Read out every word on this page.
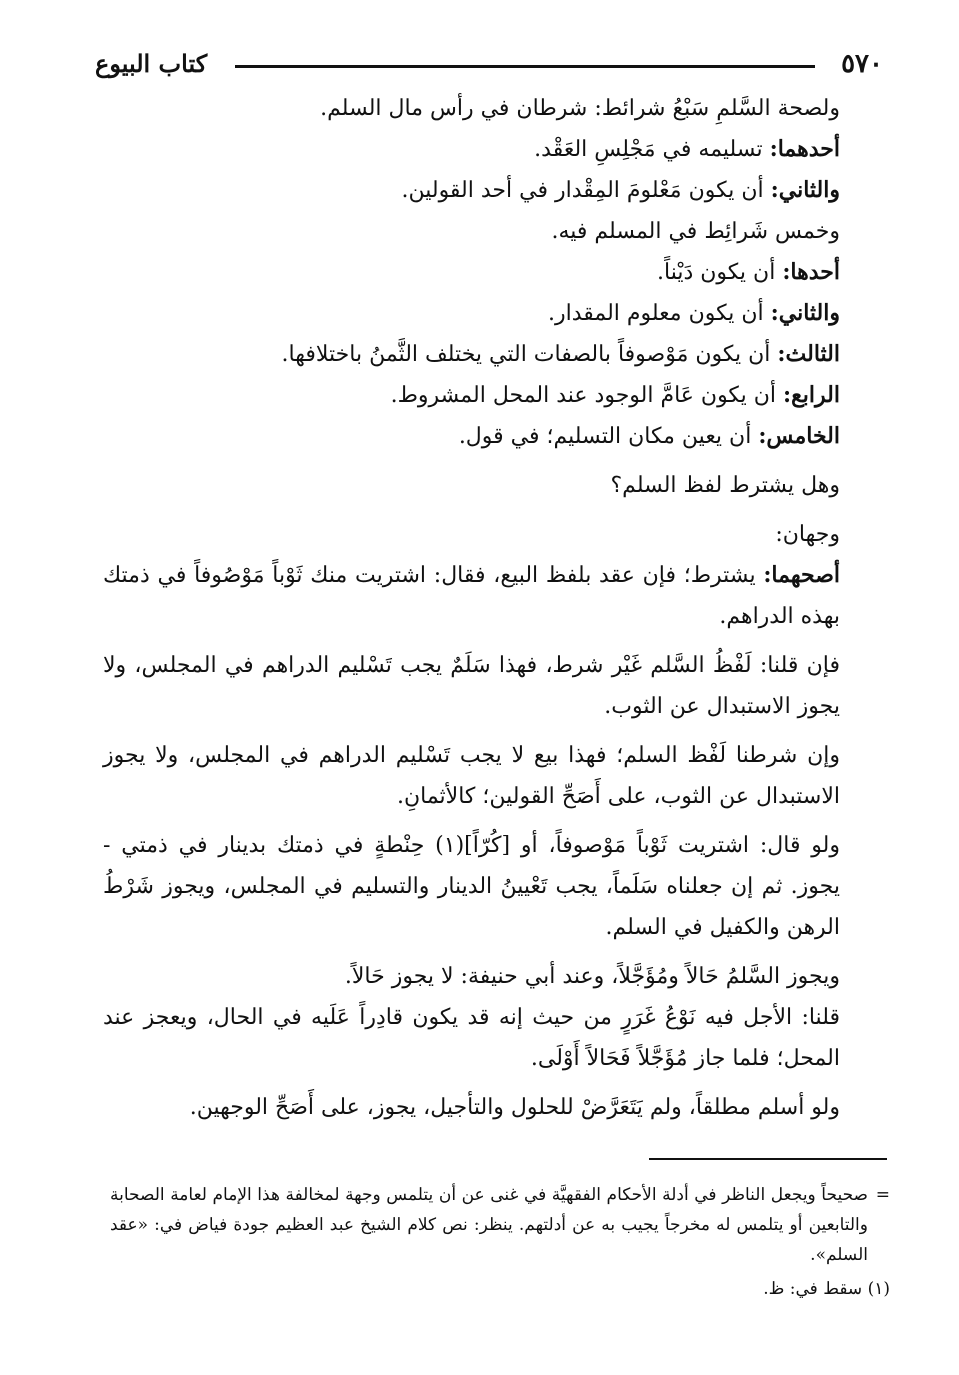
٥٧٠
كتاب البيوع

ولصحة السَّلمِ سَبْعُ شرائط: شرطان في رأس مال السلم.

أحدهما: تسليمه في مَجْلِسِ العَقْد.

والثاني: أن يكون مَعْلومَ المِقْدار في أحد القولين.

وخمس شَرائِط في المسلم فيه.

أحدها: أن يكون دَيْناً.

والثاني: أن يكون معلوم المقدار.

الثالث: أن يكون مَوْصوفاً بالصفات التي يختلف الثَّمنُ باختلافها.

الرابع: أن يكون عَامَّ الوجود عند المحل المشروط.

الخامس: أن يعين مكان التسليم؛ في قول.

وهل يشترط لفظ السلم؟

وجهان:

أصحهما: يشترط؛ فإن عقد بلفظ البيع، فقال: اشتريت منك ثَوْباً مَوْصُوفاً في ذمتك بهذه الدراهم.

فإن قلنا: لَفْظُ السَّلم غَيْر شرط، فهذا سَلَمٌ يجب تَسْليم الدراهم في المجلس، ولا يجوز الاستبدال عن الثوب.

وإن شرطنا لَفْظ السلم؛ فهذا بيع لا يجب تَسْليم الدراهم في المجلس، ولا يجوز الاستبدال عن الثوب، على أَصَحِّ القولين؛ كالأثمانِ.

ولو قال: اشتريت ثَوْباً مَوْصوفاً، أو [كُرّاً](١) حِنْطةٍ في ذمتك بدينار في ذمتي - يجوز. ثم إن جعلناه سَلَماً، يجب تَعْيينُ الدينار والتسليم في المجلس، ويجوز شَرْطُ الرهن والكفيل في السلم.

ويجوز السَّلمُ حَالاً ومُؤَجَّلاً، وعند أبي حنيفة: لا يجوز حَالاً.

قلنا: الأجل فيه نَوْعُ غَرَرٍ من حيث إنه قد يكون قادِراً عَلَيه في الحال، ويعجز عند المحل؛ فلما جاز مُؤَجَّلاً فَحَالاً أَوْلَى.

ولو أسلم مطلقاً، ولم يَتَعَرَّضْ للحلول والتأجيل، يجوز، على أَصَحِّ الوجهين.

=
صحيحاً ويجعل الناظر في أدلة الأحكام الفقهيَّة في غنى عن أن يتلمس وجهة لمخالفة هذا الإمام لعامة الصحابة والتابعين أو يتلمس له مخرجاً يجيب به عن أدلتهم. ينظر: نص كلام الشيخ عبد العظيم جودة فياض في: «عقد السلم».
(١) سقط في: ظ.
